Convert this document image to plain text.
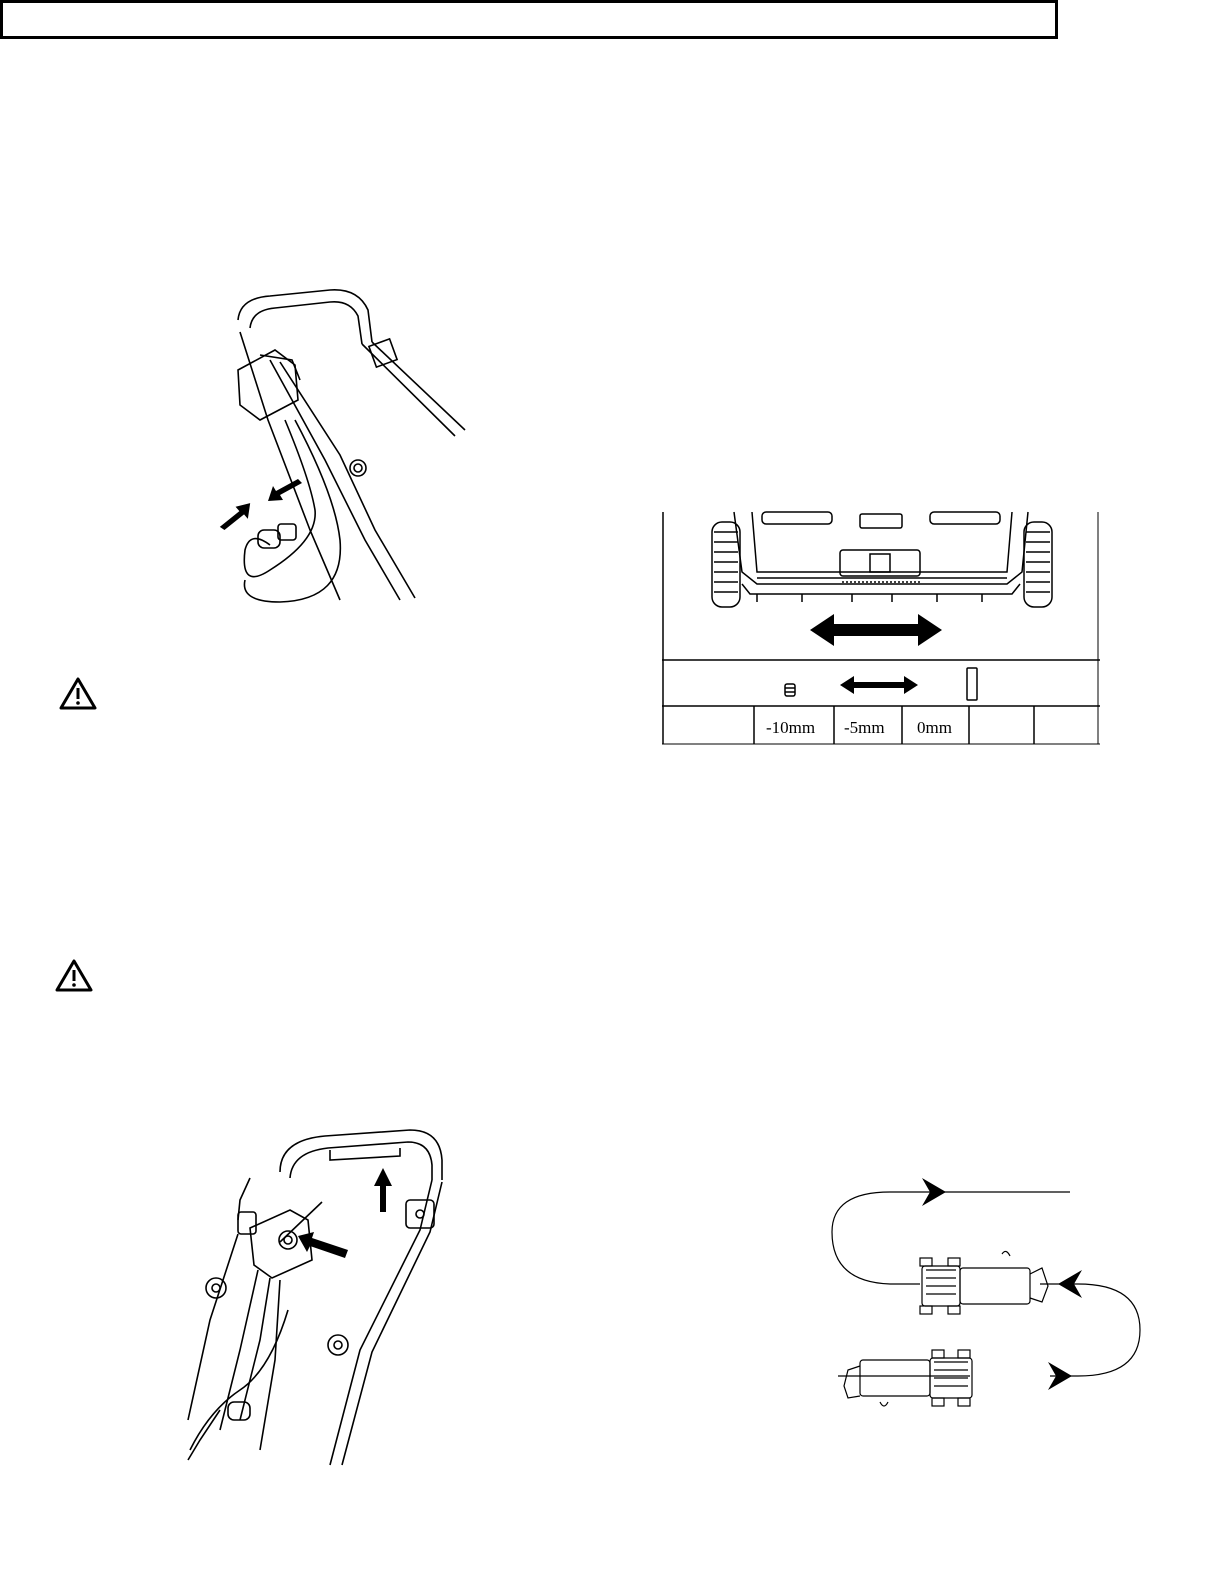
-10mm -5mm 0mm
